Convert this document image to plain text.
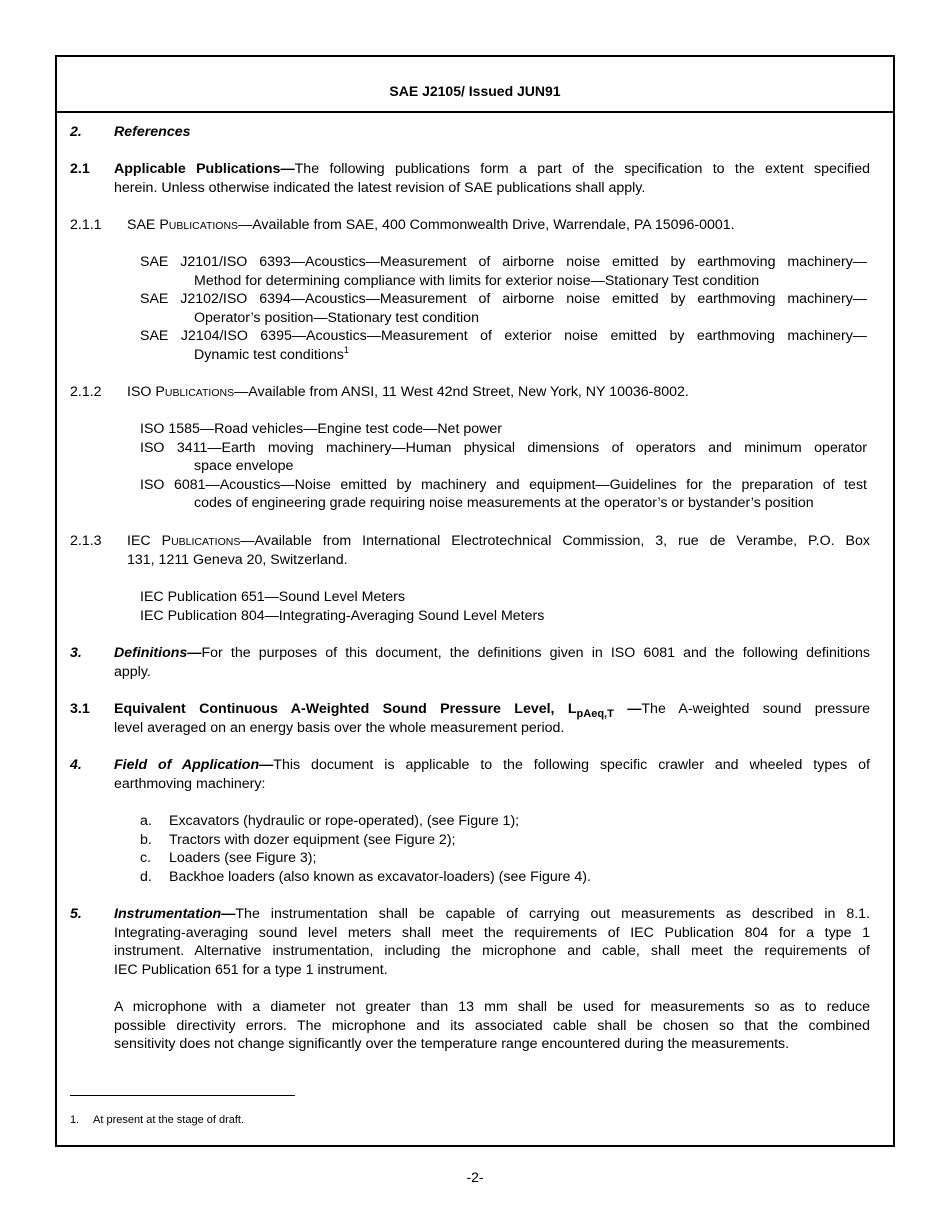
SAE J2105/ Issued JUN91
2. References
2.1 Applicable Publications—The following publications form a part of the specification to the extent specified
herein. Unless otherwise indicated the latest revision of SAE publications shall apply.
2.1.1 SAE PUBLICATIONS—Available from SAE, 400 Commonwealth Drive, Warrendale, PA 15096-0001.
SAE J2101/ISO 6393—Acoustics—Measurement of airborne noise emitted by earthmoving machinery—
Method for determining compliance with limits for exterior noise—Stationary Test condition
SAE J2102/ISO 6394—Acoustics—Measurement of airborne noise emitted by earthmoving machinery—
Operator’s position—Stationary test condition
SAE J2104/ISO 6395—Acoustics—Measurement of exterior noise emitted by earthmoving machinery—
Dynamic test conditions$^1$
2.1.2 ISO PUBLICATIONS—Available from ANSI, 11 West 42nd Street, New York, NY 10036-8002.
ISO 1585—Road vehicles—Engine test code—Net power
ISO 3411—Earth moving machinery—Human physical dimensions of operators and minimum operator
space envelope
ISO 6081—Acoustics—Noise emitted by machinery and equipment—Guidelines for the preparation of test
codes of engineering grade requiring noise measurements at the operator’s or bystander’s position
2.1.3 IEC PUBLICATIONS—Available from International Electrotechnical Commission, 3, rue de Verambe, P.O. Box
131, 1211 Geneva 20, Switzerland.
IEC Publication 651—Sound Level Meters
IEC Publication 804—Integrating-Averaging Sound Level Meters
3. Definitions—For the purposes of this document, the definitions given in ISO 6081 and the following definitions
apply.
3.1 Equivalent Continuous A-Weighted Sound Pressure Level, $L_{pAeq,T}$ —The A-weighted sound pressure
level averaged on an energy basis over the whole measurement period.
4. Field of Application—This document is applicable to the following specific crawler and wheeled types of
earthmoving machinery:
a. Excavators (hydraulic or rope-operated), (see Figure 1);
b. Tractors with dozer equipment (see Figure 2);
c. Loaders (see Figure 3);
d. Backhoe loaders (also known as excavator-loaders) (see Figure 4).
5. Instrumentation—The instrumentation shall be capable of carrying out measurements as described in 8.1.
Integrating-averaging sound level meters shall meet the requirements of IEC Publication 804 for a type 1
instrument. Alternative instrumentation, including the microphone and cable, shall meet the requirements of
IEC Publication 651 for a type 1 instrument.
A microphone with a diameter not greater than 13 mm shall be used for measurements so as to reduce
possible directivity errors. The microphone and its associated cable shall be chosen so that the combined
sensitivity does not change significantly over the temperature range encountered during the measurements.
1. At present at the stage of draft.
-2-
